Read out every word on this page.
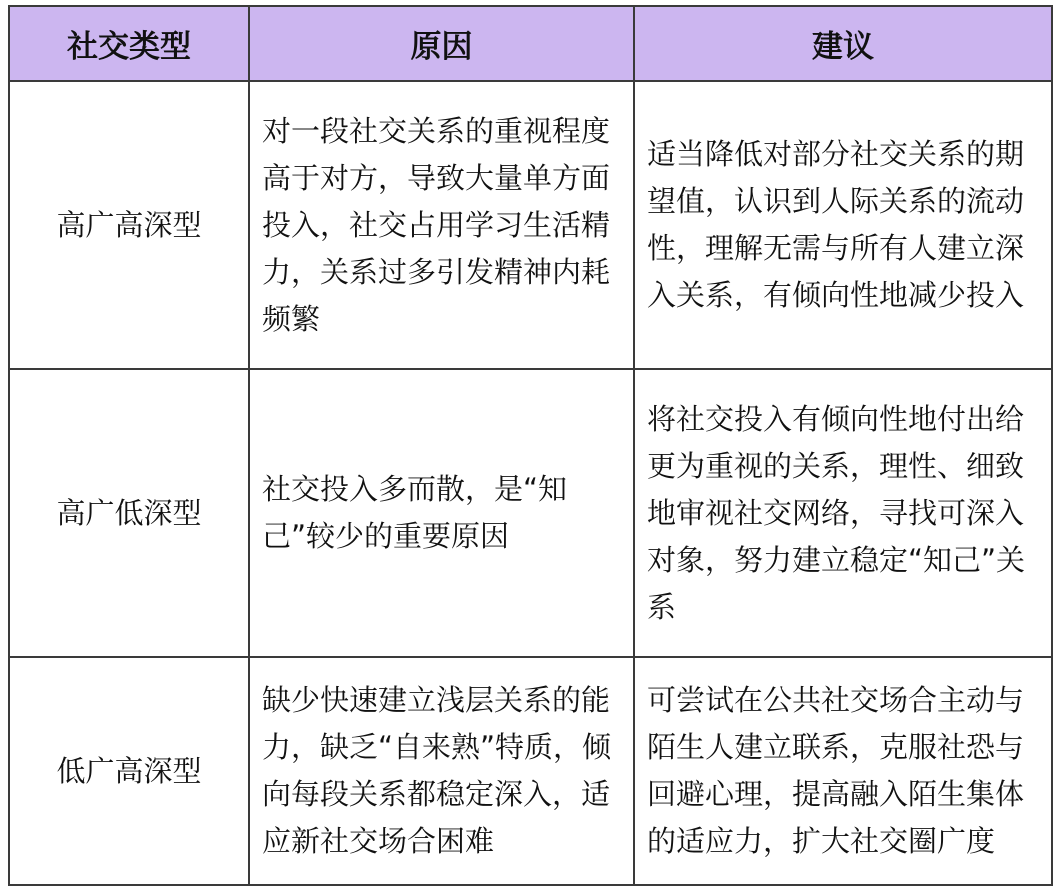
社交类型	原因	建议
高广高深型	对一段社交关系的重视程度高于对方，导致大量单方面投入，社交占用学习生活精力，关系过多引发精神内耗频繁	适当降低对部分社交关系的期望值，认识到人际关系的流动性，理解无需与所有人建立深入关系，有倾向性地减少投入
高广低深型	社交投入多而散，是“知己”较少的重要原因	将社交投入有倾向性地付出给更为重视的关系，理性、细致地审视社交网络，寻找可深入对象，努力建立稳定“知己”关系
低广高深型	缺少快速建立浅层关系的能力，缺乏“自来熟”特质，倾向每段关系都稳定深入，适应新社交场合困难	可尝试在公共社交场合主动与陌生人建立联系，克服社恐与回避心理，提高融入陌生集体的适应力，扩大社交圈广度
